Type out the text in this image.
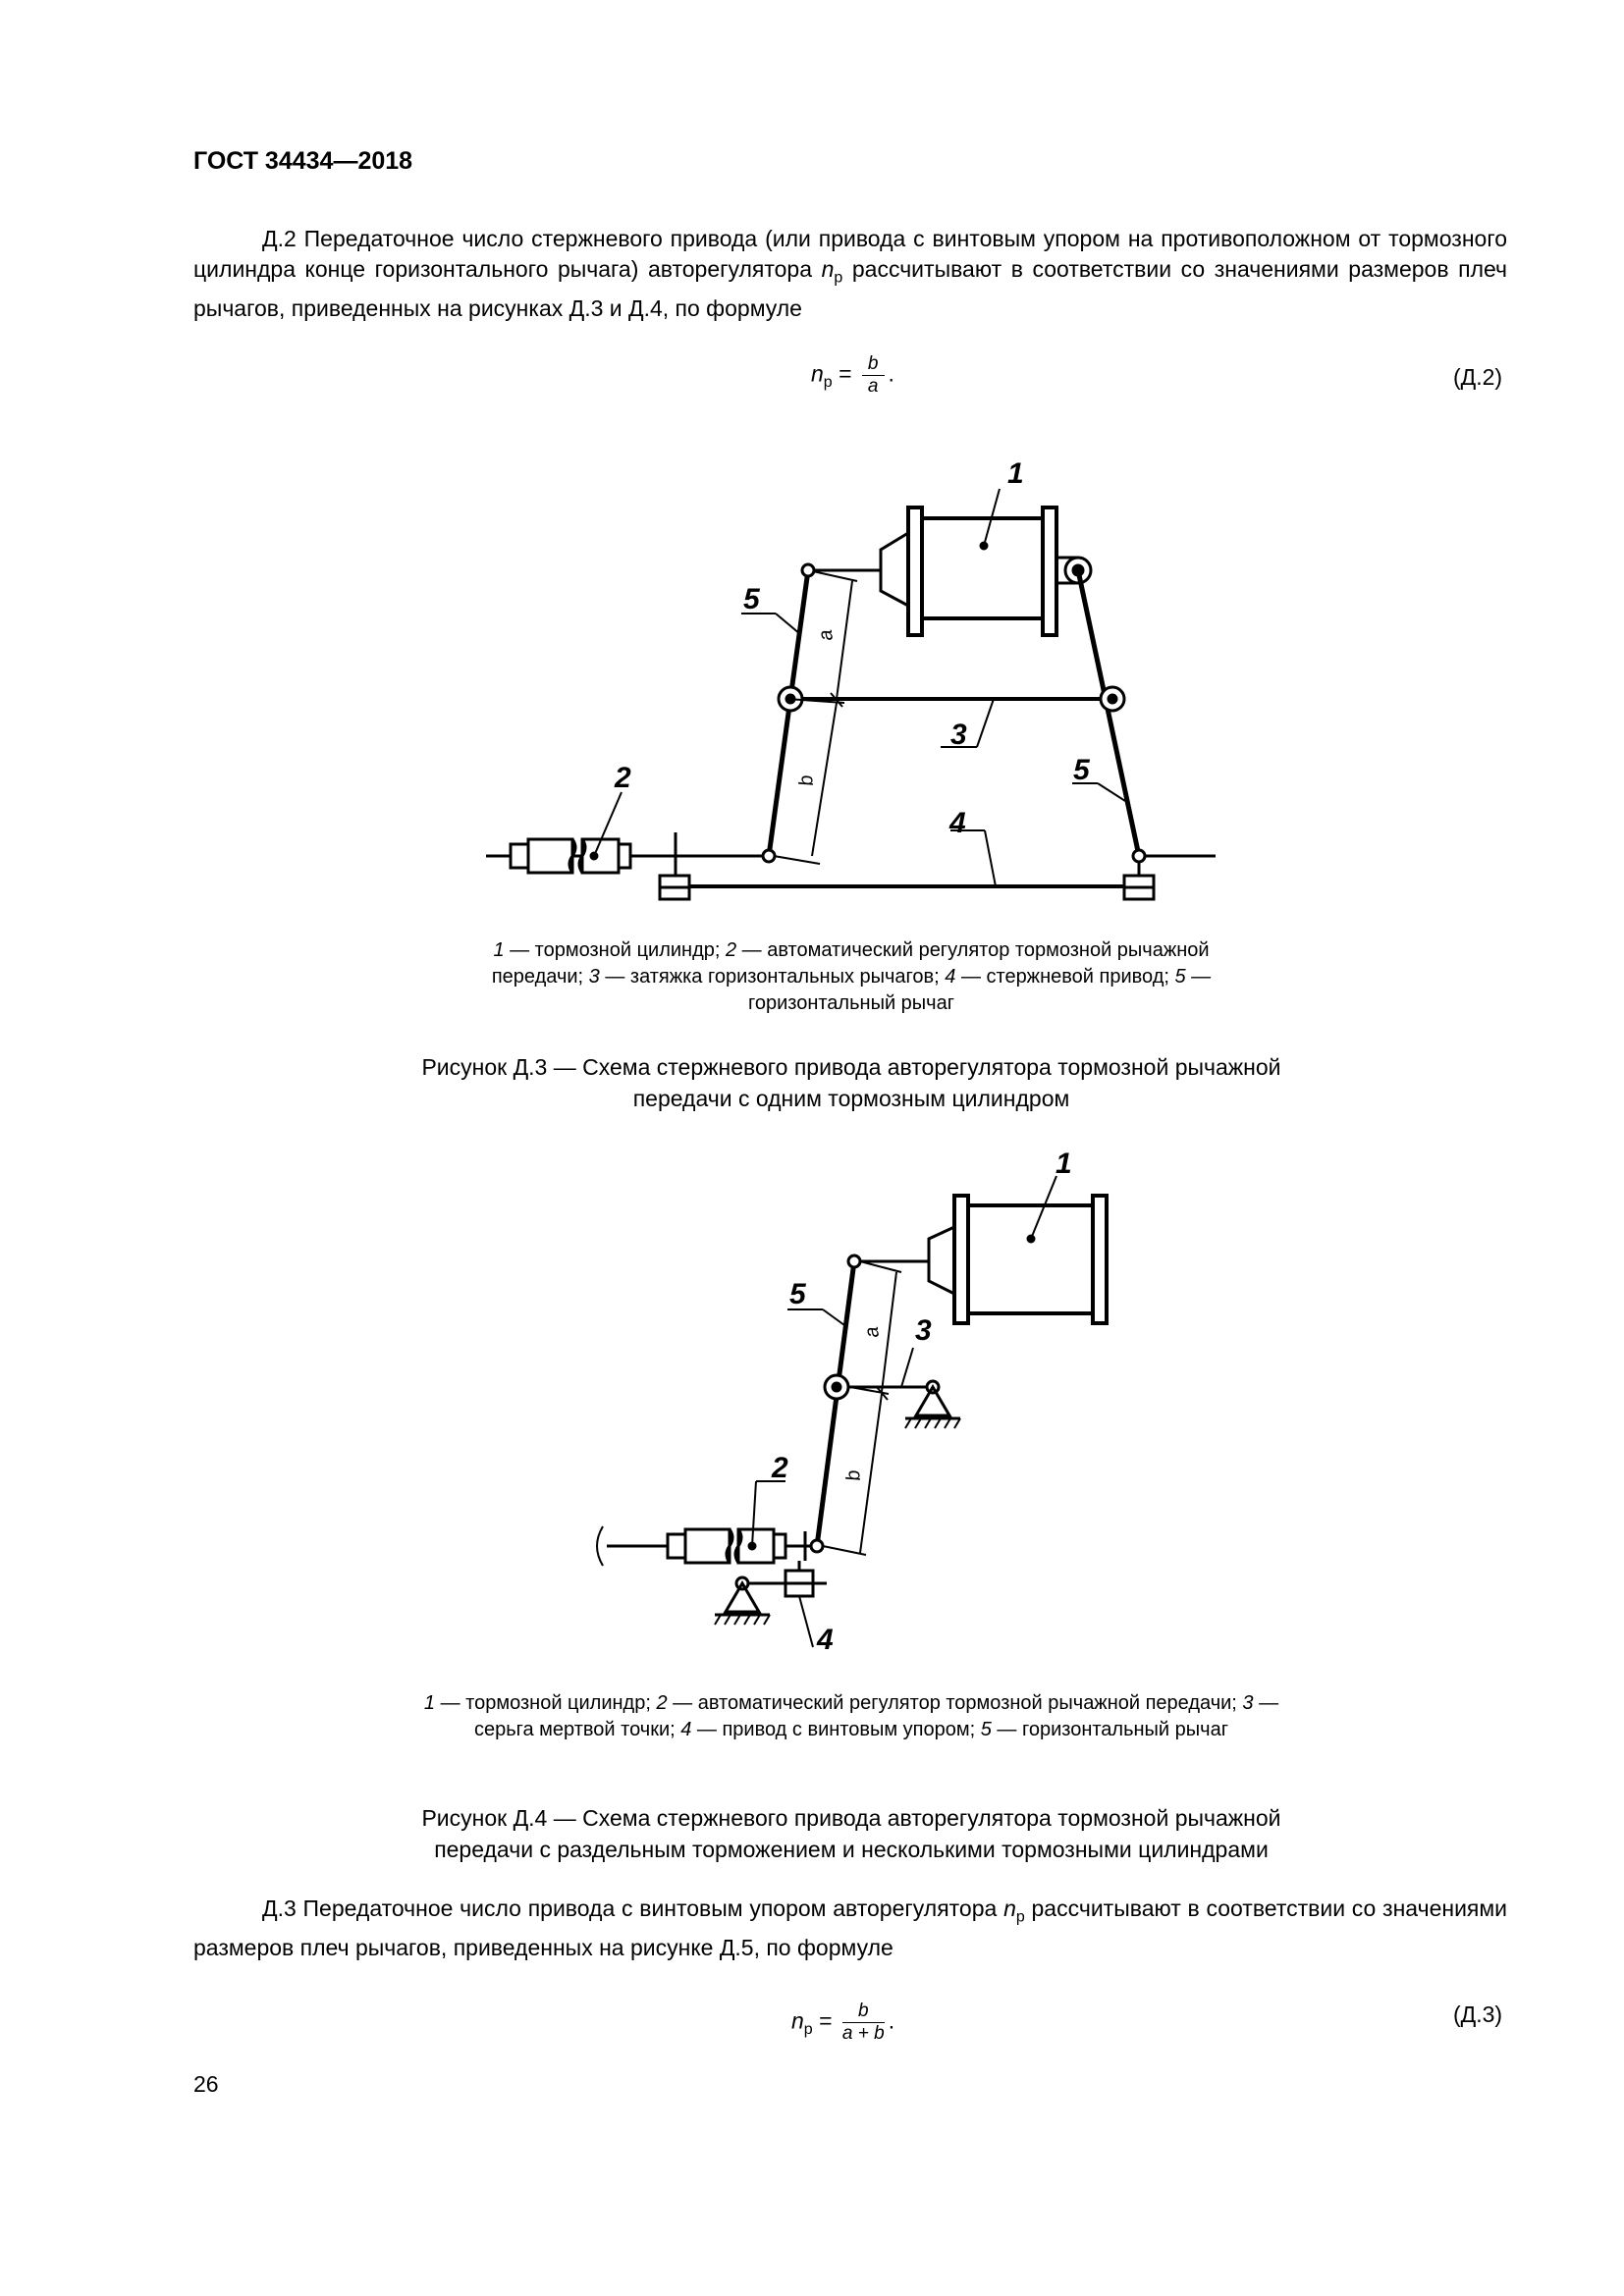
ГОСТ 34434—2018

Д.2 Передаточное число стержневого привода (или привода с винтовым упором на противоположном от тормозного цилиндра конце горизонтального рычага) авторегулятора $n_р$ рассчитывают в соответствии со значениями размеров плеч рычагов, приведенных на рисунках Д.3 и Д.4, по формуле

$n_р = \frac{b}{a}$ .	(Д.2)
1
2
3
4
5
5
a
b
1 — тормозной цилиндр; 2 — автоматический регулятор тормозной рычажной передачи; 3 — затяжка горизонтальных рычагов; 4 — стержневой привод; 5 — горизонтальный рычаг
Рисунок Д.3 — Схема стержневого привода авторегулятора тормозной рычажной передачи с одним тормозным цилиндром
1
2
3
4
5
a
b
1 — тормозной цилиндр; 2 — автоматический регулятор тормозной рычажной передачи; 3 — серьга мертвой точки; 4 — привод с винтовым упором; 5 — горизонтальный рычаг
Рисунок Д.4 — Схема стержневого привода авторегулятора тормозной рычажной передачи с раздельным торможением и несколькими тормозными цилиндрами

Д.3 Передаточное число привода с винтовым упором авторегулятора $n_р$ рассчитывают в соответствии со значениями размеров плеч рычагов, приведенных на рисунке Д.5, по формуле

$n_р = \frac{b}{a + b}$ .	(Д.3)
26
